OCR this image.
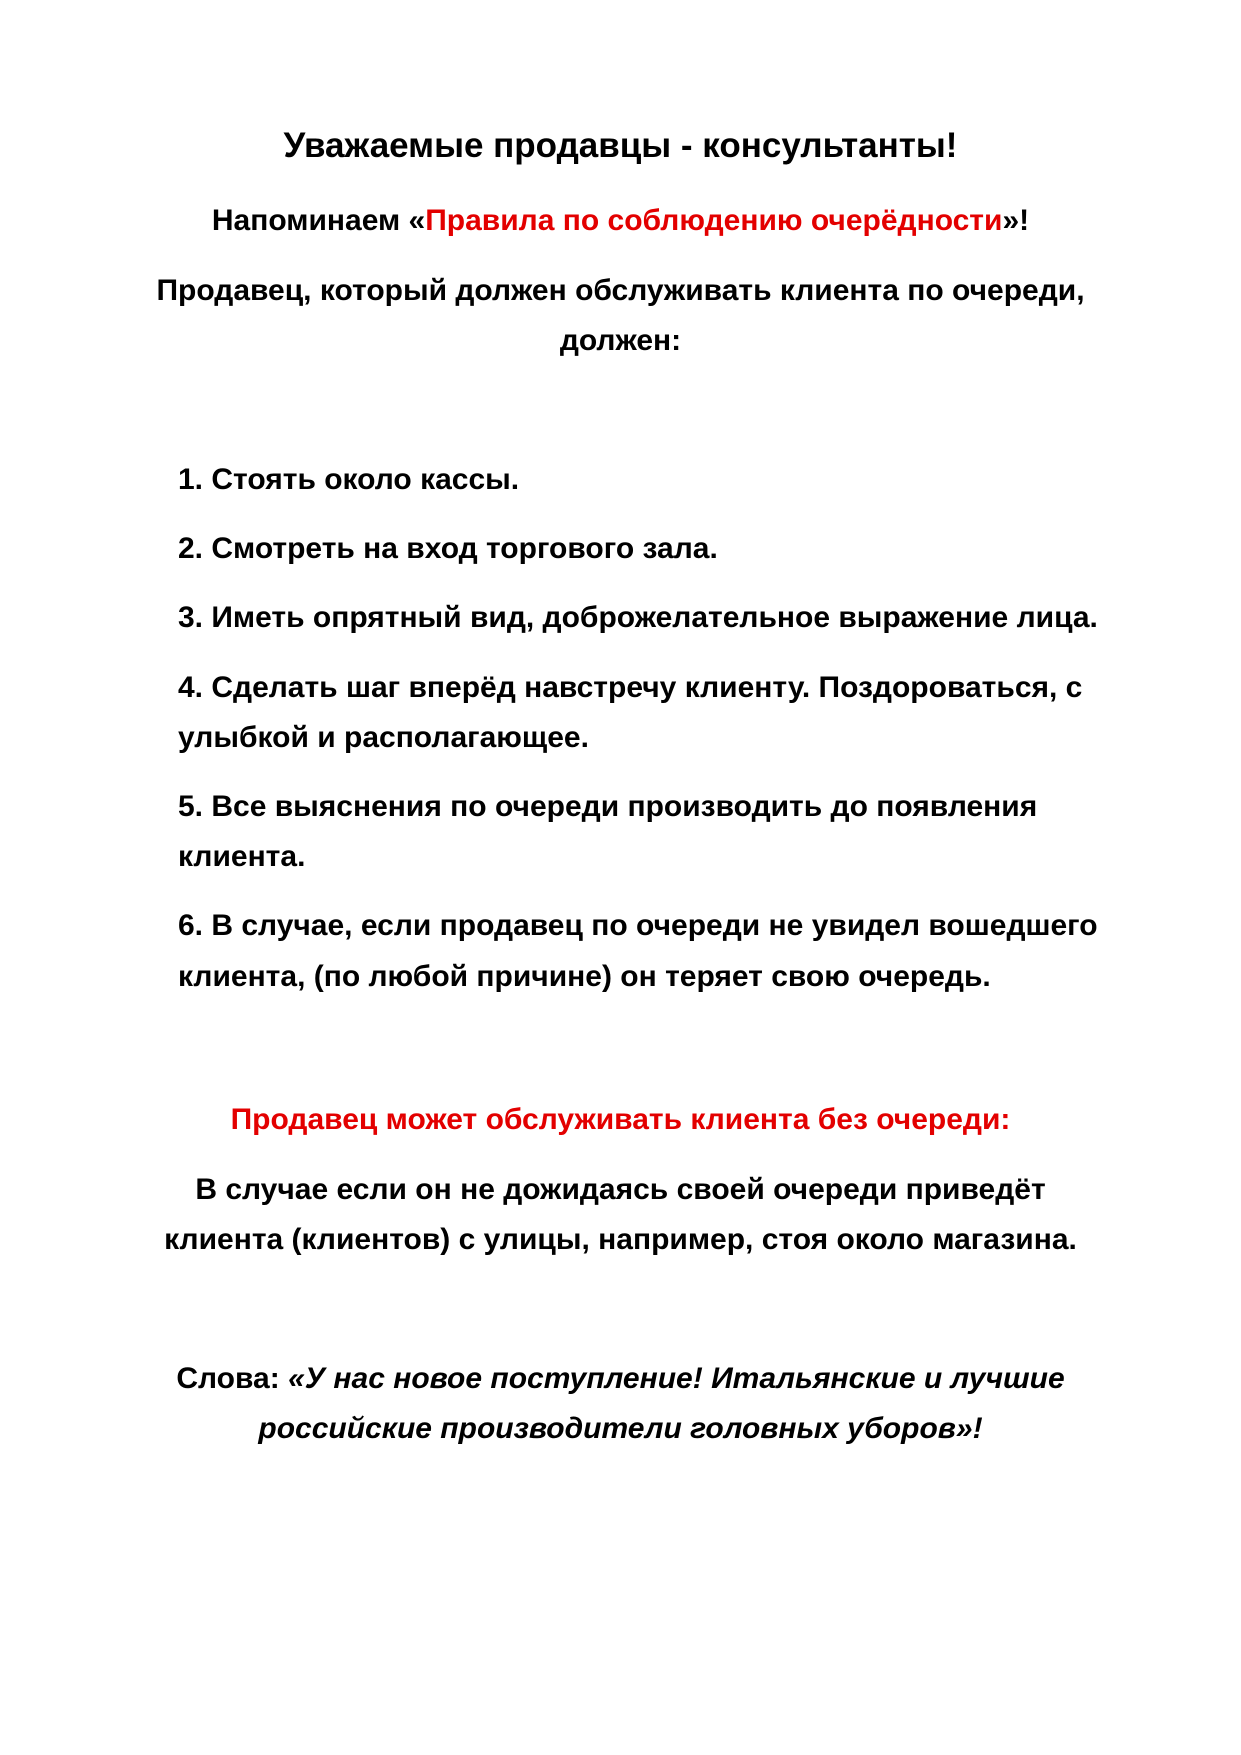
Уважаемые продавцы - консультанты!
Напоминаем «Правила по соблюдению очерёдности»!
Продавец, который должен обслуживать клиента по очереди,
должен:
1. Стоять около кассы.
2. Смотреть на вход торгового зала.
3. Иметь опрятный вид, доброжелательное выражение лица.
4. Сделать шаг вперёд навстречу клиенту. Поздороваться, с
улыбкой и располагающее.
5. Все выяснения по очереди производить до появления
клиента.
6. В случае, если продавец по очереди не увидел вошедшего
клиента, (по любой причине) он теряет свою очередь.
Продавец может обслуживать клиента без очереди:
В случае если он не дожидаясь своей очереди приведёт
клиента (клиентов) с улицы, например, стоя около магазина.
Слова: «У нас новое поступление! Итальянские и лучшие
российские производители головных уборов»!
